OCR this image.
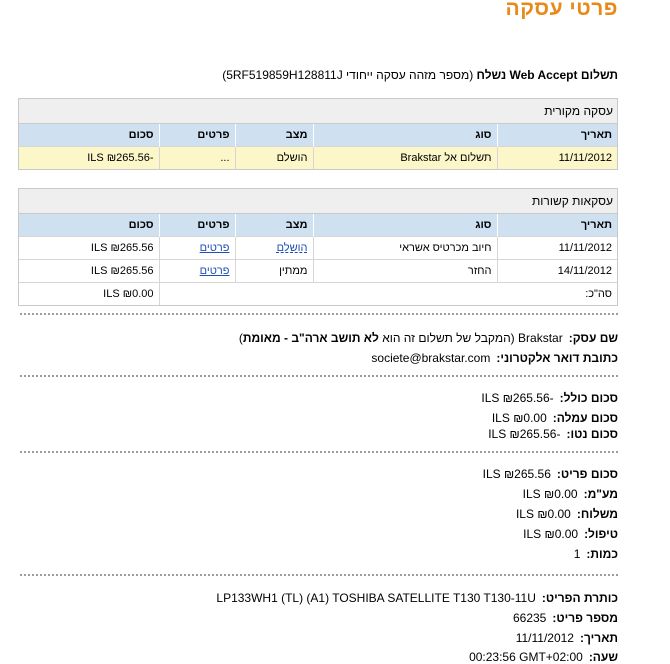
פרטי עסקה
תשלום Web Accept נשלח (מספר מזהה עסקה ייחודי 5RF519859H128811J)
עסקה מקורית
תאריך	סוג	מצב	פרטים	סכום
11/11/2012	תשלום אל Brakstar	הושלם	...	-₪265.56 ILS
עסקאות קשורות
תאריך	סוג	מצב	פרטים	סכום
11/11/2012	חיוב מכרטיס אשראי	הושלם	פרטים	₪265.56 ILS
14/11/2012	החזר	ממתין	פרטים	₪265.56 ILS
סה"כ:				₪0.00 ILS
שם עסק:Brakstar (המקבל של תשלום זה הוא לא תושב ארה"ב - מאומת)
כתובת דואר אלקטרוני:societe@brakstar.com
סכום כולל:-₪265.56 ILS
סכום עמלה:₪0.00 ILS
סכום נטו:-₪265.56 ILS
סכום פריט:₪265.56 ILS
מע"מ:₪0.00 ILS
משלוח:₪0.00 ILS
טיפול:₪0.00 ILS
כמות:1
כותרת הפריט:LP133WH1 (TL) (A1) TOSHIBA SATELLITE T130 T130-11U
מספר פריט:66235
תאריך:11/11/2012
שעה:00:23:56 GMT+02:00
